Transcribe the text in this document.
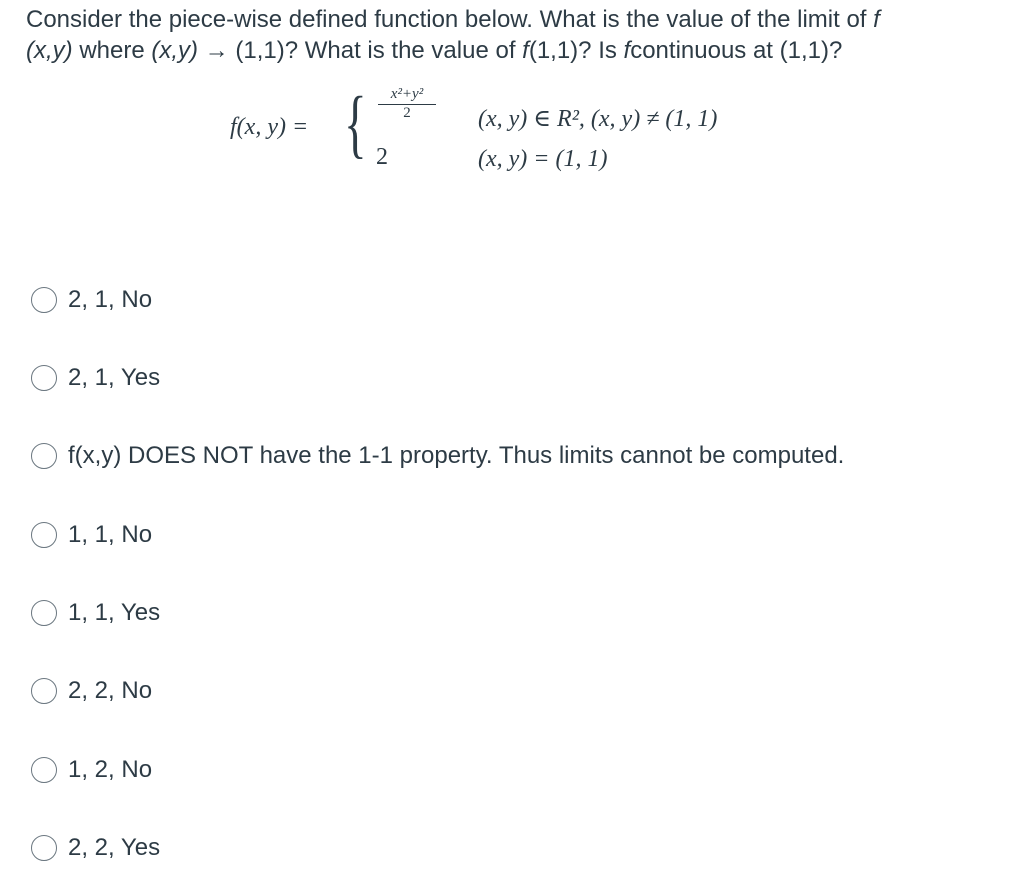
Consider the piece-wise defined function below. What is the value of the limit of f
(x,y) where (x,y) → (1,1)? What is the value of f(1,1)? Is fcontinuous at (1,1)?
f(x, y) = {	x²+y²
2
2
(x, y) ∈ R², (x, y) ≠ (1, 1)
(x, y) = (1, 1)
2, 1, No
2, 1, Yes
f(x,y) DOES NOT have the 1-1 property. Thus limits cannot be computed.
1, 1, No
1, 1, Yes
2, 2, No
1, 2, No
2, 2, Yes
